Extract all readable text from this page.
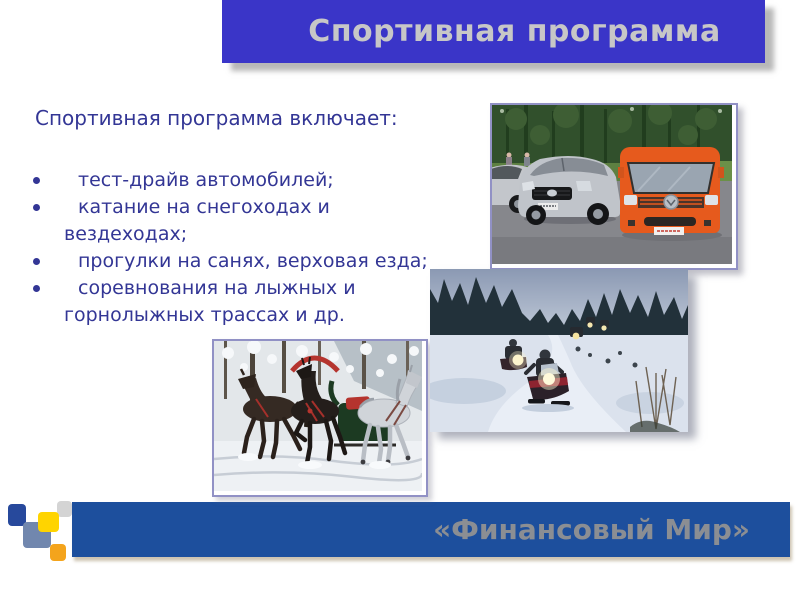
Спортивная программа
Спортивная программа включает:
тест-драйв автомобилей;
катание на снегоходах и
вездеходах;
прогулки на санях, верховая езда;
соревнования на лыжных и
горнолыжных трассах и др.
«Финансовый Мир»
